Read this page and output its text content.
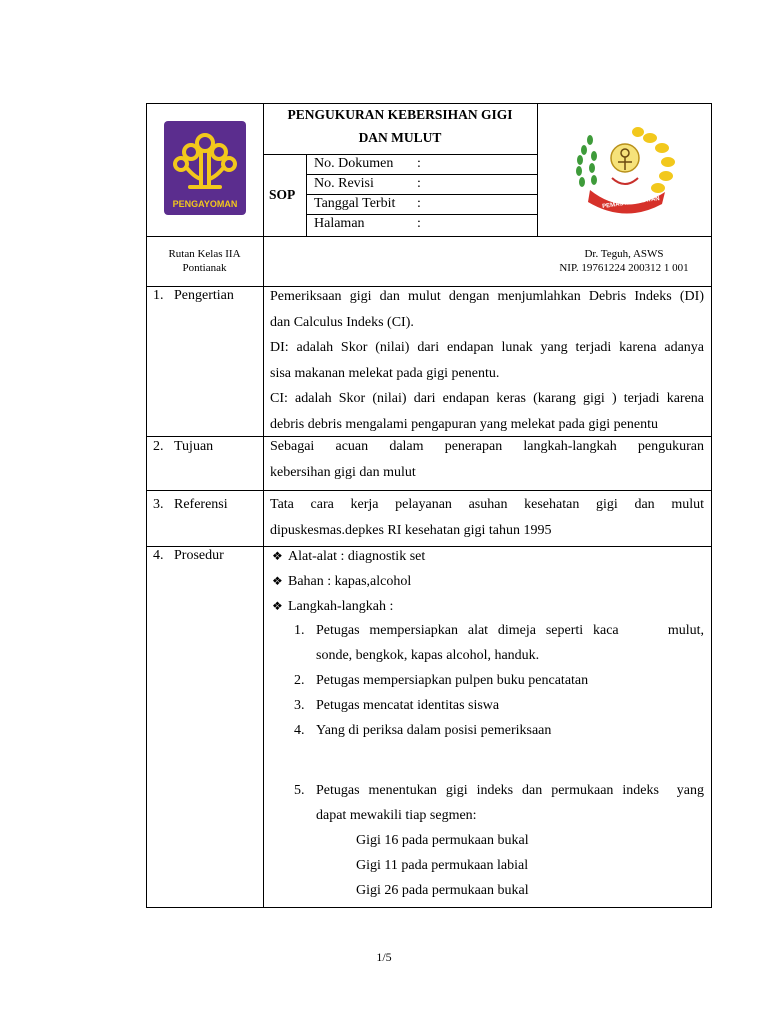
PENGAYOMAN
PENGUKURAN KEBERSIHAN GIGI
DAN MULUT
SOP
No. Dokumen :
No. Revisi	:
Tanggal Terbit :
Halaman	:
PEMASYARAKATAN
Rutan Kelas IIA
Pontianak
Dr. Teguh, ASWS
NIP. 19761224 200312 1 001
1.   Pengertian	Pemeriksaan gigi dan mulut dengan menjumlahkan Debris Indeks (DI)
dan Calculus Indeks (CI).
DI: adalah Skor (nilai) dari endapan lunak yang terjadi karena adanya
sisa makanan melekat pada gigi penentu.
CI: adalah Skor (nilai) dari endapan keras (karang gigi ) terjadi karena
debris debris mengalami pengapuran yang melekat pada gigi penentu
2.   Tujuan	Sebagai acuan dalam penerapan langkah-langkah pengukuran
kebersihan gigi dan mulut
3.   Referensi	Tata cara kerja pelayanan asuhan kesehatan gigi dan mulut
dipuskesmas.depkes RI kesehatan gigi tahun 1995
4.   Prosedur	❖ Alat-alat : diagnostik set
❖ Bahan : kapas,alcohol
❖ Langkah-langkah :
1. Petugas mempersiapkan alat dimeja seperti kaca     mulut,
sonde, bengkok, kapas alcohol, handuk.
2. Petugas mempersiapkan pulpen buku pencatatan
3. Petugas mencatat identitas siswa
4. Yang di periksa dalam posisi pemeriksaan
5. Petugas menentukan gigi indeks dan permukaan indeks  yang
dapat mewakili tiap segmen:
Gigi 16 pada permukaan bukal
Gigi 11 pada permukaan labial
Gigi 26 pada permukaan bukal
1/5
